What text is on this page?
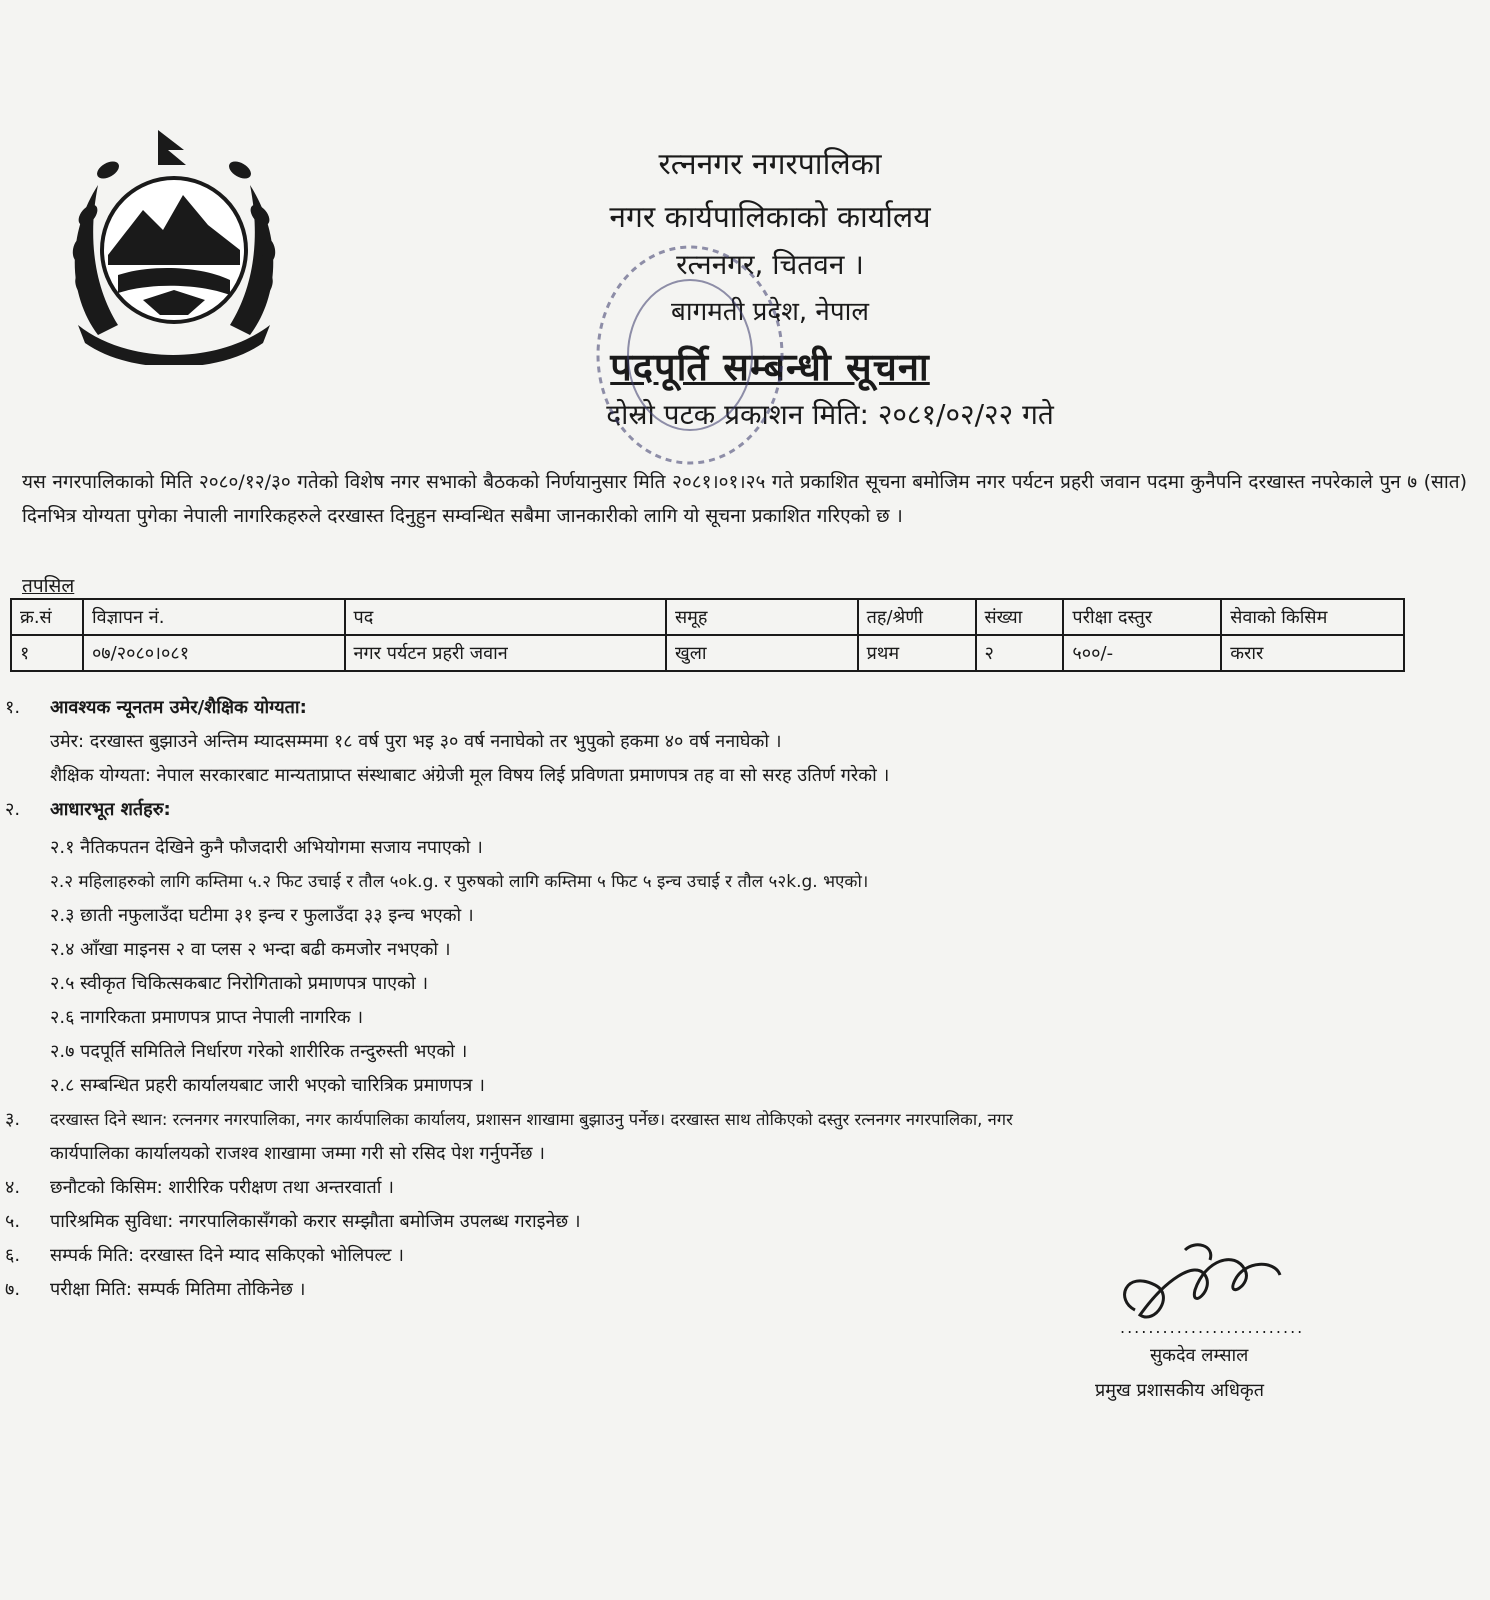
रत्ननगर नगरपालिका
नगर कार्यपालिकाको कार्यालय
रत्ननगर, चितवन ।
बागमती प्रदेश, नेपाल
पदपूर्ति सम्बन्धी सूचना
दोस्रो पटक प्रकाशन मिति: २०८१/०२/२२ गते
यस नगरपालिकाको मिति २०८०/१२/३० गतेको विशेष नगर सभाको बैठकको निर्णयानुसार मिति २०८१।०१।२५ गते प्रकाशित सूचना बमोजिम नगर पर्यटन प्रहरी जवान पदमा कुनैपनि दरखास्त नपरेकाले पुन ७ (सात) दिनभित्र योग्यता पुगेका नेपाली नागरिकहरुले दरखास्त दिनुहुन सम्वन्धित सबैमा जानकारीको लागि यो सूचना प्रकाशित गरिएको छ ।
तपसिल
क्र.सं	विज्ञापन नं.	पद	समूह	तह/श्रेणी	संख्या	परीक्षा दस्तुर	सेवाको किसिम
१	०७/२०८०।०८१	नगर पर्यटन प्रहरी जवान	खुला	प्रथम	२	५००/-	करार
१. आवश्यक न्यूनतम उमेर/शैक्षिक योग्यता:
उमेर: दरखास्त बुझाउने अन्तिम म्यादसम्ममा १८ वर्ष पुरा भइ ३० वर्ष ननाघेको तर भुपुको हकमा ४० वर्ष ननाघेको ।
शैक्षिक योग्यता: नेपाल सरकारबाट मान्यताप्राप्त संस्थाबाट अंग्रेजी मूल विषय लिई प्रविणता प्रमाणपत्र तह वा सो सरह उतिर्ण गरेको ।
२. आधारभूत शर्तहरु:
२.१ नैतिकपतन देखिने कुनै फौजदारी अभियोगमा सजाय नपाएको ।
२.२ महिलाहरुको लागि कम्तिमा ५.२ फिट उचाई र तौल ५०k.g. र पुरुषको लागि कम्तिमा ५ फिट ५ इन्च उचाई र तौल ५२k.g. भएको।
२.३ छाती नफुलाउँदा घटीमा ३१ इन्च र फुलाउँदा ३३ इन्च भएको ।
२.४ आँखा माइनस २ वा प्लस २ भन्दा बढी कमजोर नभएको ।
२.५ स्वीकृत चिकित्सकबाट निरोगिताको प्रमाणपत्र पाएको ।
२.६ नागरिकता प्रमाणपत्र प्राप्त नेपाली नागरिक ।
२.७ पदपूर्ति समितिले निर्धारण गरेको शारीरिक तन्दुरुस्ती भएको ।
२.८ सम्बन्धित प्रहरी कार्यालयबाट जारी भएको चारित्रिक प्रमाणपत्र ।
३. दरखास्त दिने स्थान: रत्ननगर नगरपालिका, नगर कार्यपालिका कार्यालय, प्रशासन शाखामा बुझाउनु पर्नेछ। दरखास्त साथ तोकिएको दस्तुर रत्ननगर नगरपालिका, नगर
कार्यपालिका कार्यालयको राजश्व शाखामा जम्मा गरी सो रसिद पेश गर्नुपर्नेछ ।
४. छनौटको किसिम: शारीरिक परीक्षण तथा अन्तरवार्ता ।
५. पारिश्रमिक सुविधा: नगरपालिकासँगको करार सम्झौता बमोजिम उपलब्ध गराइनेछ ।
६. सम्पर्क मिति: दरखास्त दिने म्याद सकिएको भोलिपल्ट ।
७. परीक्षा मिति: सम्पर्क मितिमा तोकिनेछ ।
..........................
सुकदेव लम्साल
प्रमुख प्रशासकीय अधिकृत
